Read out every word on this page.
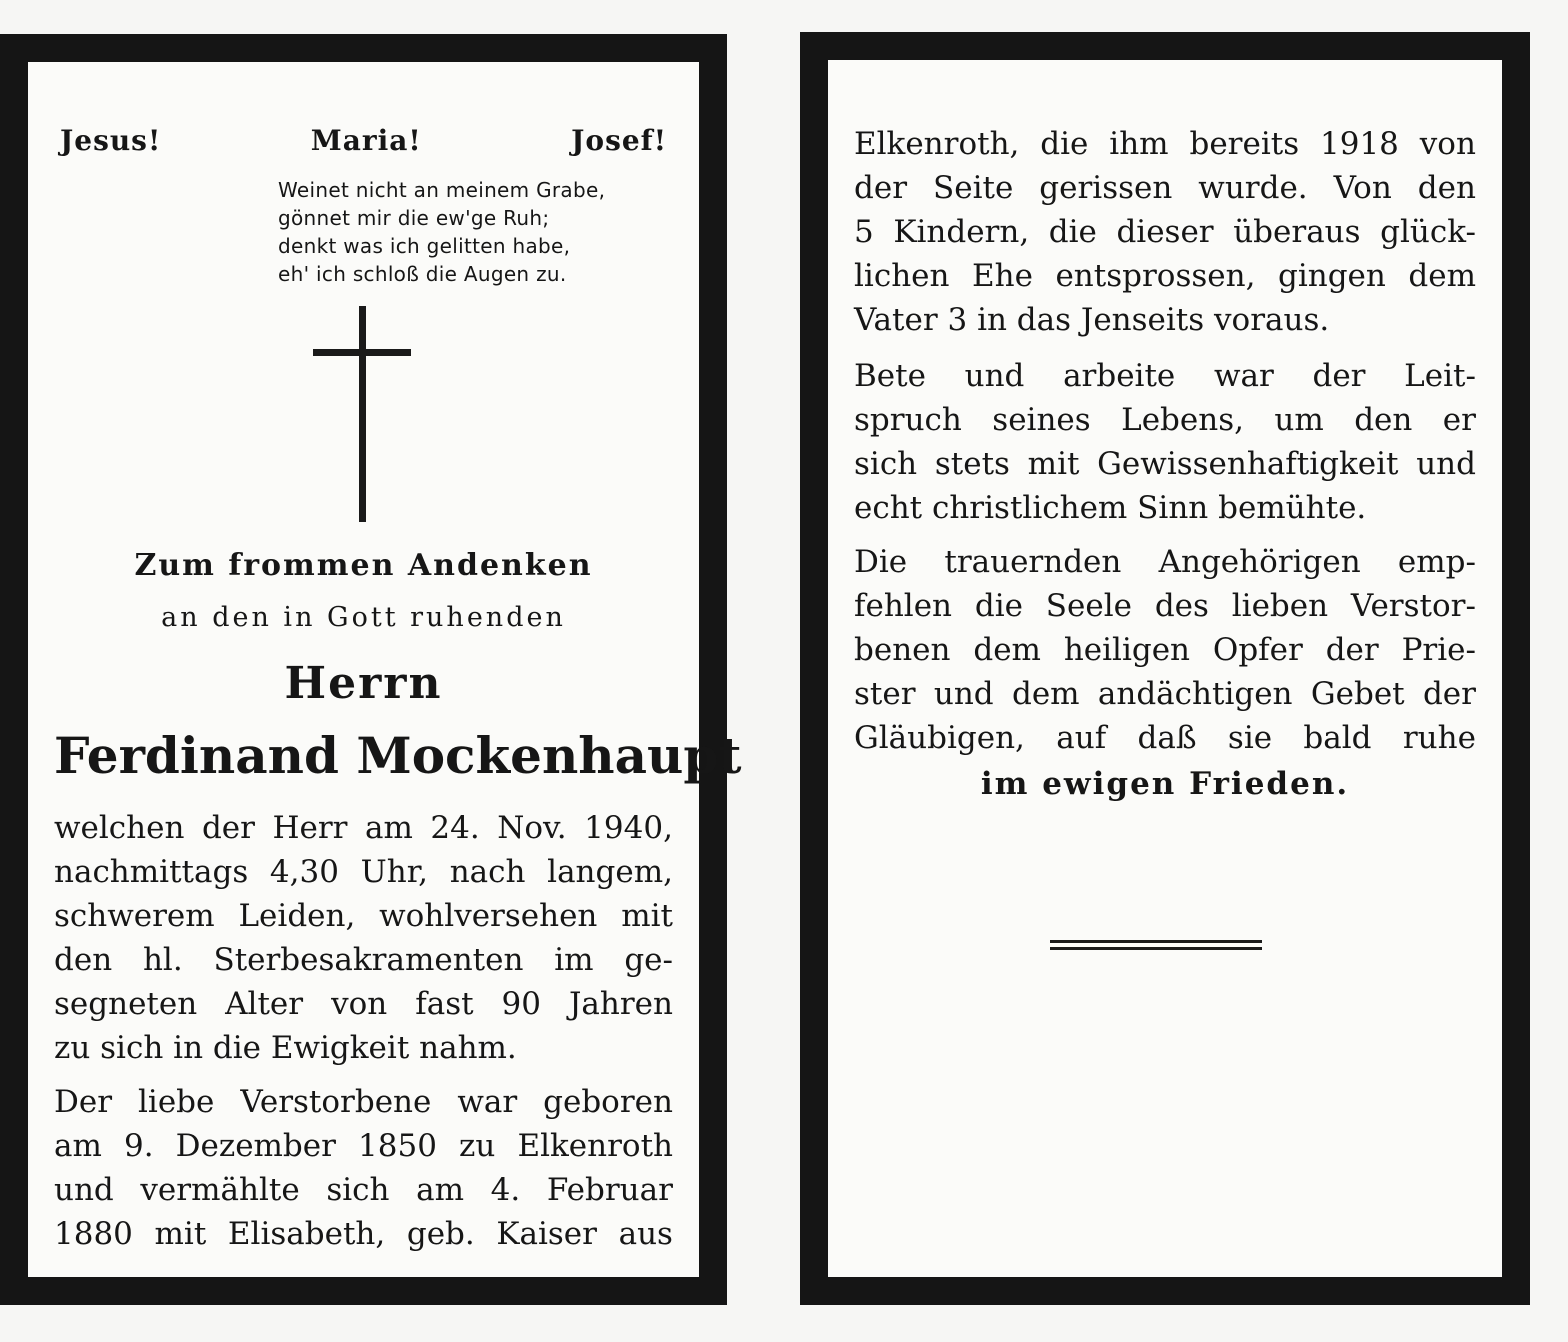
Jesus!	Maria!	Josef!
Weinet nicht an meinem Grabe,
gönnet mir die ew'ge Ruh;
denkt was ich gelitten habe,
eh' ich schloß die Augen zu.
Zum frommen Andenken
an den in Gott ruhenden
Herrn
Ferdinand Mockenhaupt
welchen der Herr am 24. Nov. 1940,
nachmittags 4,30 Uhr, nach langem,
schwerem Leiden, wohlversehen mit
den hl. Sterbesakramenten im ge-
segneten Alter von fast 90 Jahren
zu sich in die Ewigkeit nahm.
Der liebe Verstorbene war geboren
am 9. Dezember 1850 zu Elkenroth
und vermählte sich am 4. Februar
1880 mit Elisabeth, geb. Kaiser aus
Elkenroth, die ihm bereits 1918 von
der Seite gerissen wurde. Von den
5 Kindern, die dieser überaus glück-
lichen Ehe entsprossen, gingen dem
Vater 3 in das Jenseits voraus.
Bete und arbeite war der Leit-
spruch seines Lebens, um den er
sich stets mit Gewissenhaftigkeit und
echt christlichem Sinn bemühte.
Die trauernden Angehörigen emp-
fehlen die Seele des lieben Verstor-
benen dem heiligen Opfer der Prie-
ster und dem andächtigen Gebet der
Gläubigen, auf daß sie bald ruhe
im ewigen Frieden.
